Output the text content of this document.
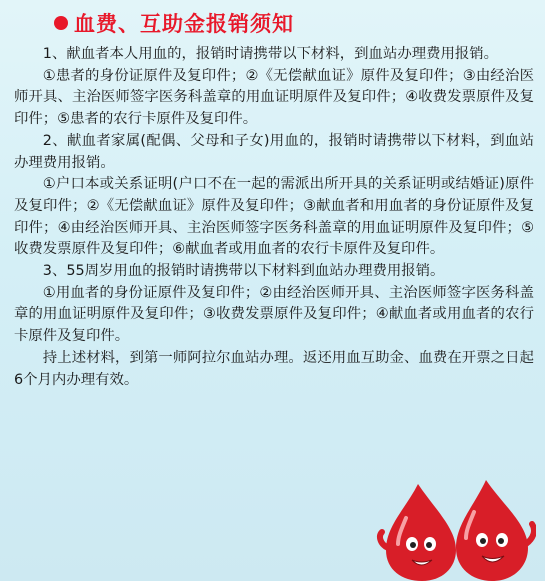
血费、互助金报销须知

1、献血者本人用血的，报销时请携带以下材料，到血站办理费用报销。

①患者的身份证原件及复印件；②《无偿献血证》原件及复印件；③由经治医师开具、主治医师签字医务科盖章的用血证明原件及复印件；④收费发票原件及复印件；⑤患者的农行卡原件及复印件。

2、献血者家属(配偶、父母和子女)用血的，报销时请携带以下材料，到血站办理费用报销。

①户口本或关系证明(户口不在一起的需派出所开具的关系证明或结婚证)原件及复印件；②《无偿献血证》原件及复印件；③献血者和用血者的身份证原件及复印件；④由经治医师开具、主治医师签字医务科盖章的用血证明原件及复印件；⑤收费发票原件及复印件；⑥献血者或用血者的农行卡原件及复印件。

3、55周岁用血的报销时请携带以下材料到血站办理费用报销。

①用血者的身份证原件及复印件；②由经治医师开具、主治医师签字医务科盖章的用血证明原件及复印件；③收费发票原件及复印件；④献血者或用血者的农行卡原件及复印件。

持上述材料，到第一师阿拉尔血站办理。返还用血互助金、血费在开票之日起6个月内办理有效。
